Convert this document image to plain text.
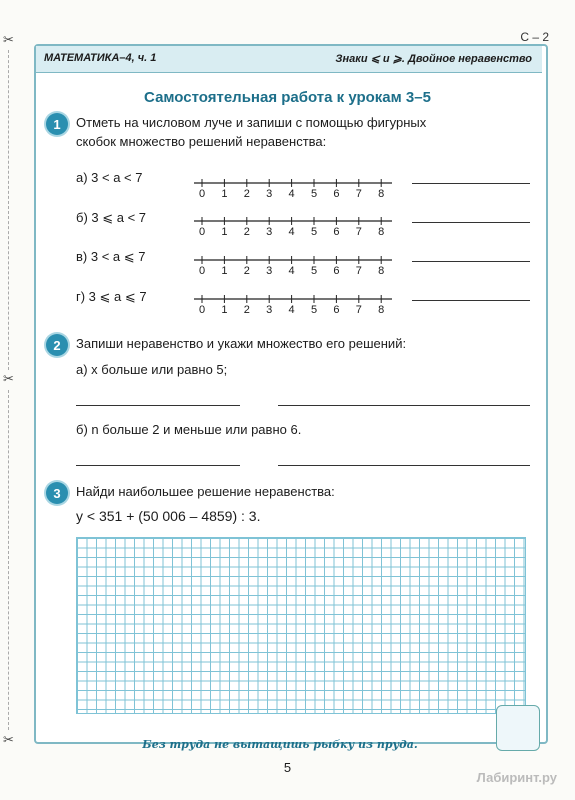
✂
✂
✂
С – 2
МАТЕМАТИКА–4, ч. 1	Знаки ⩽ и ⩾. Двойное неравенство
Самостоятельная работа к урокам 3–5
1	Отметь на числовом луче и запиши с помощью фигурных
скобок множество решений неравенства:
а) 3 < a < 7
0 1 2 3 4 5 6 7 8
б) 3 ⩽ a < 7
0 1 2 3 4 5 6 7 8
в) 3 < a ⩽ 7
0 1 2 3 4 5 6 7 8
г) 3 ⩽ a ⩽ 7
0 1 2 3 4 5 6 7 8
2	Запиши неравенство и укажи множество его решений:
а) x больше или равно 5;
б) n больше 2 и меньше или равно 6.
3	Найди наибольшее решение неравенства:
y < 351 + (50 006 – 4859) : 3.
Без труда не вытащишь рыбку из пруда.
5
Лабиринт.ру
